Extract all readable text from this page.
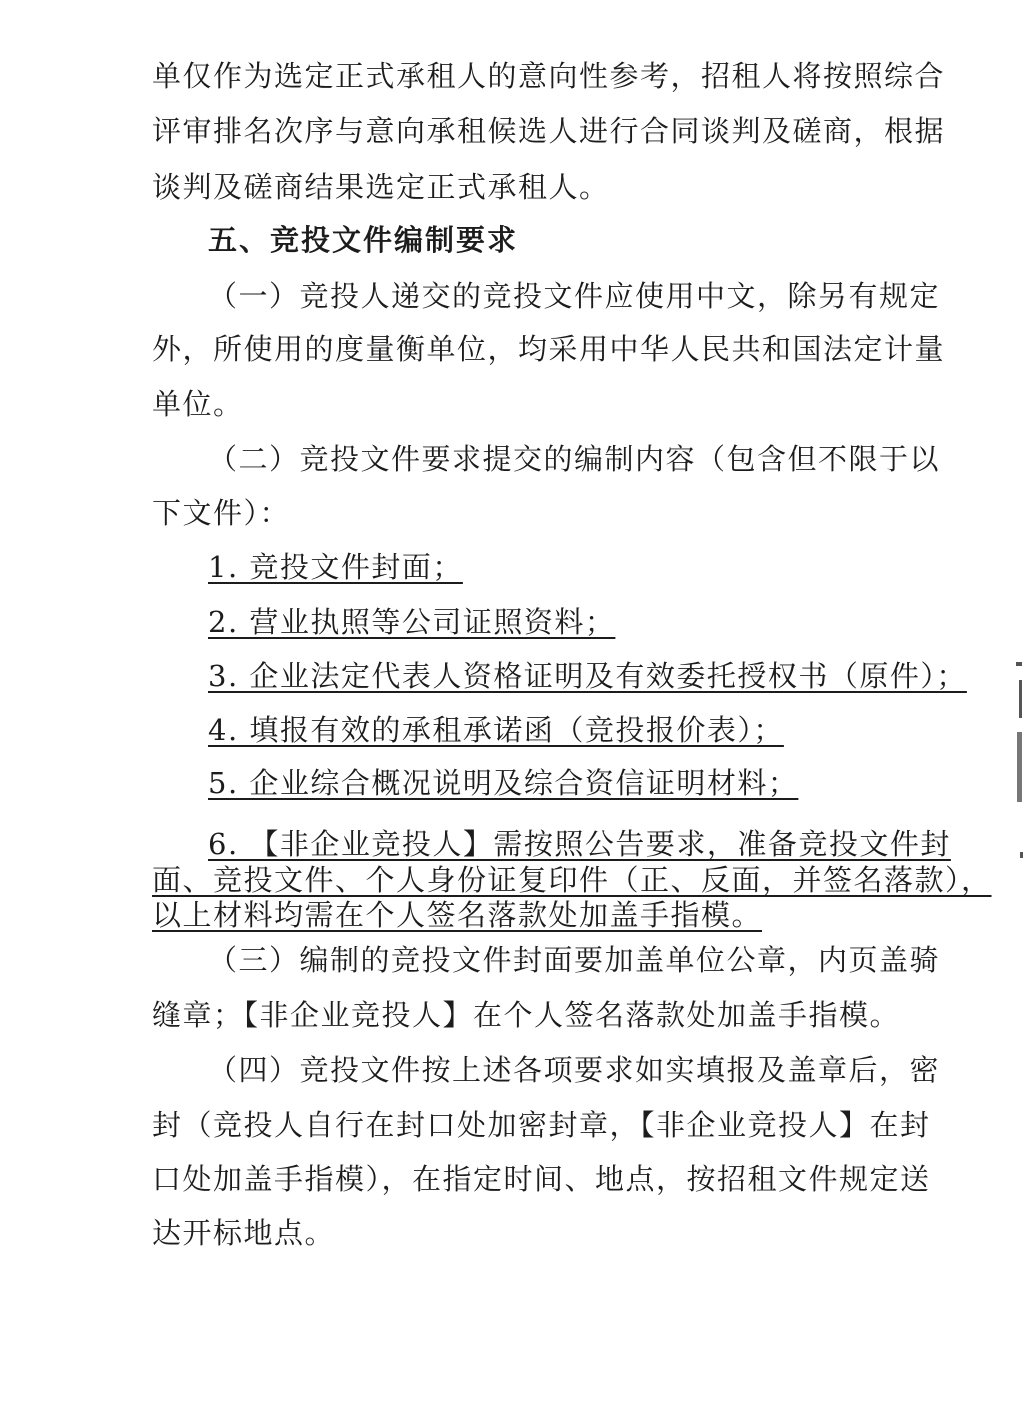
单仅作为选定正式承租人的意向性参考，招租人将按照综合
评审排名次序与意向承租候选人进行合同谈判及磋商，根据
谈判及磋商结果选定正式承租人。
五、竞投文件编制要求
（一）竞投人递交的竞投文件应使用中文，除另有规定
外，所使用的度量衡单位，均采用中华人民共和国法定计量
单位。
（二）竞投文件要求提交的编制内容（包含但不限于以
下文件）：
1. 竞投文件封面；
2. 营业执照等公司证照资料；
3. 企业法定代表人资格证明及有效委托授权书（原件）；
4. 填报有效的承租承诺函（竞投报价表）；
5. 企业综合概况说明及综合资信证明材料；
6. 【非企业竞投人】需按照公告要求，准备竞投文件封
面、竞投文件、个人身份证复印件（正、反面，并签名落款），
以上材料均需在个人签名落款处加盖手指模。
（三）编制的竞投文件封面要加盖单位公章，内页盖骑
缝章；【非企业竞投人】在个人签名落款处加盖手指模。
（四）竞投文件按上述各项要求如实填报及盖章后，密
封（竞投人自行在封口处加密封章，【非企业竞投人】在封
口处加盖手指模），在指定时间、地点，按招租文件规定送
达开标地点。
